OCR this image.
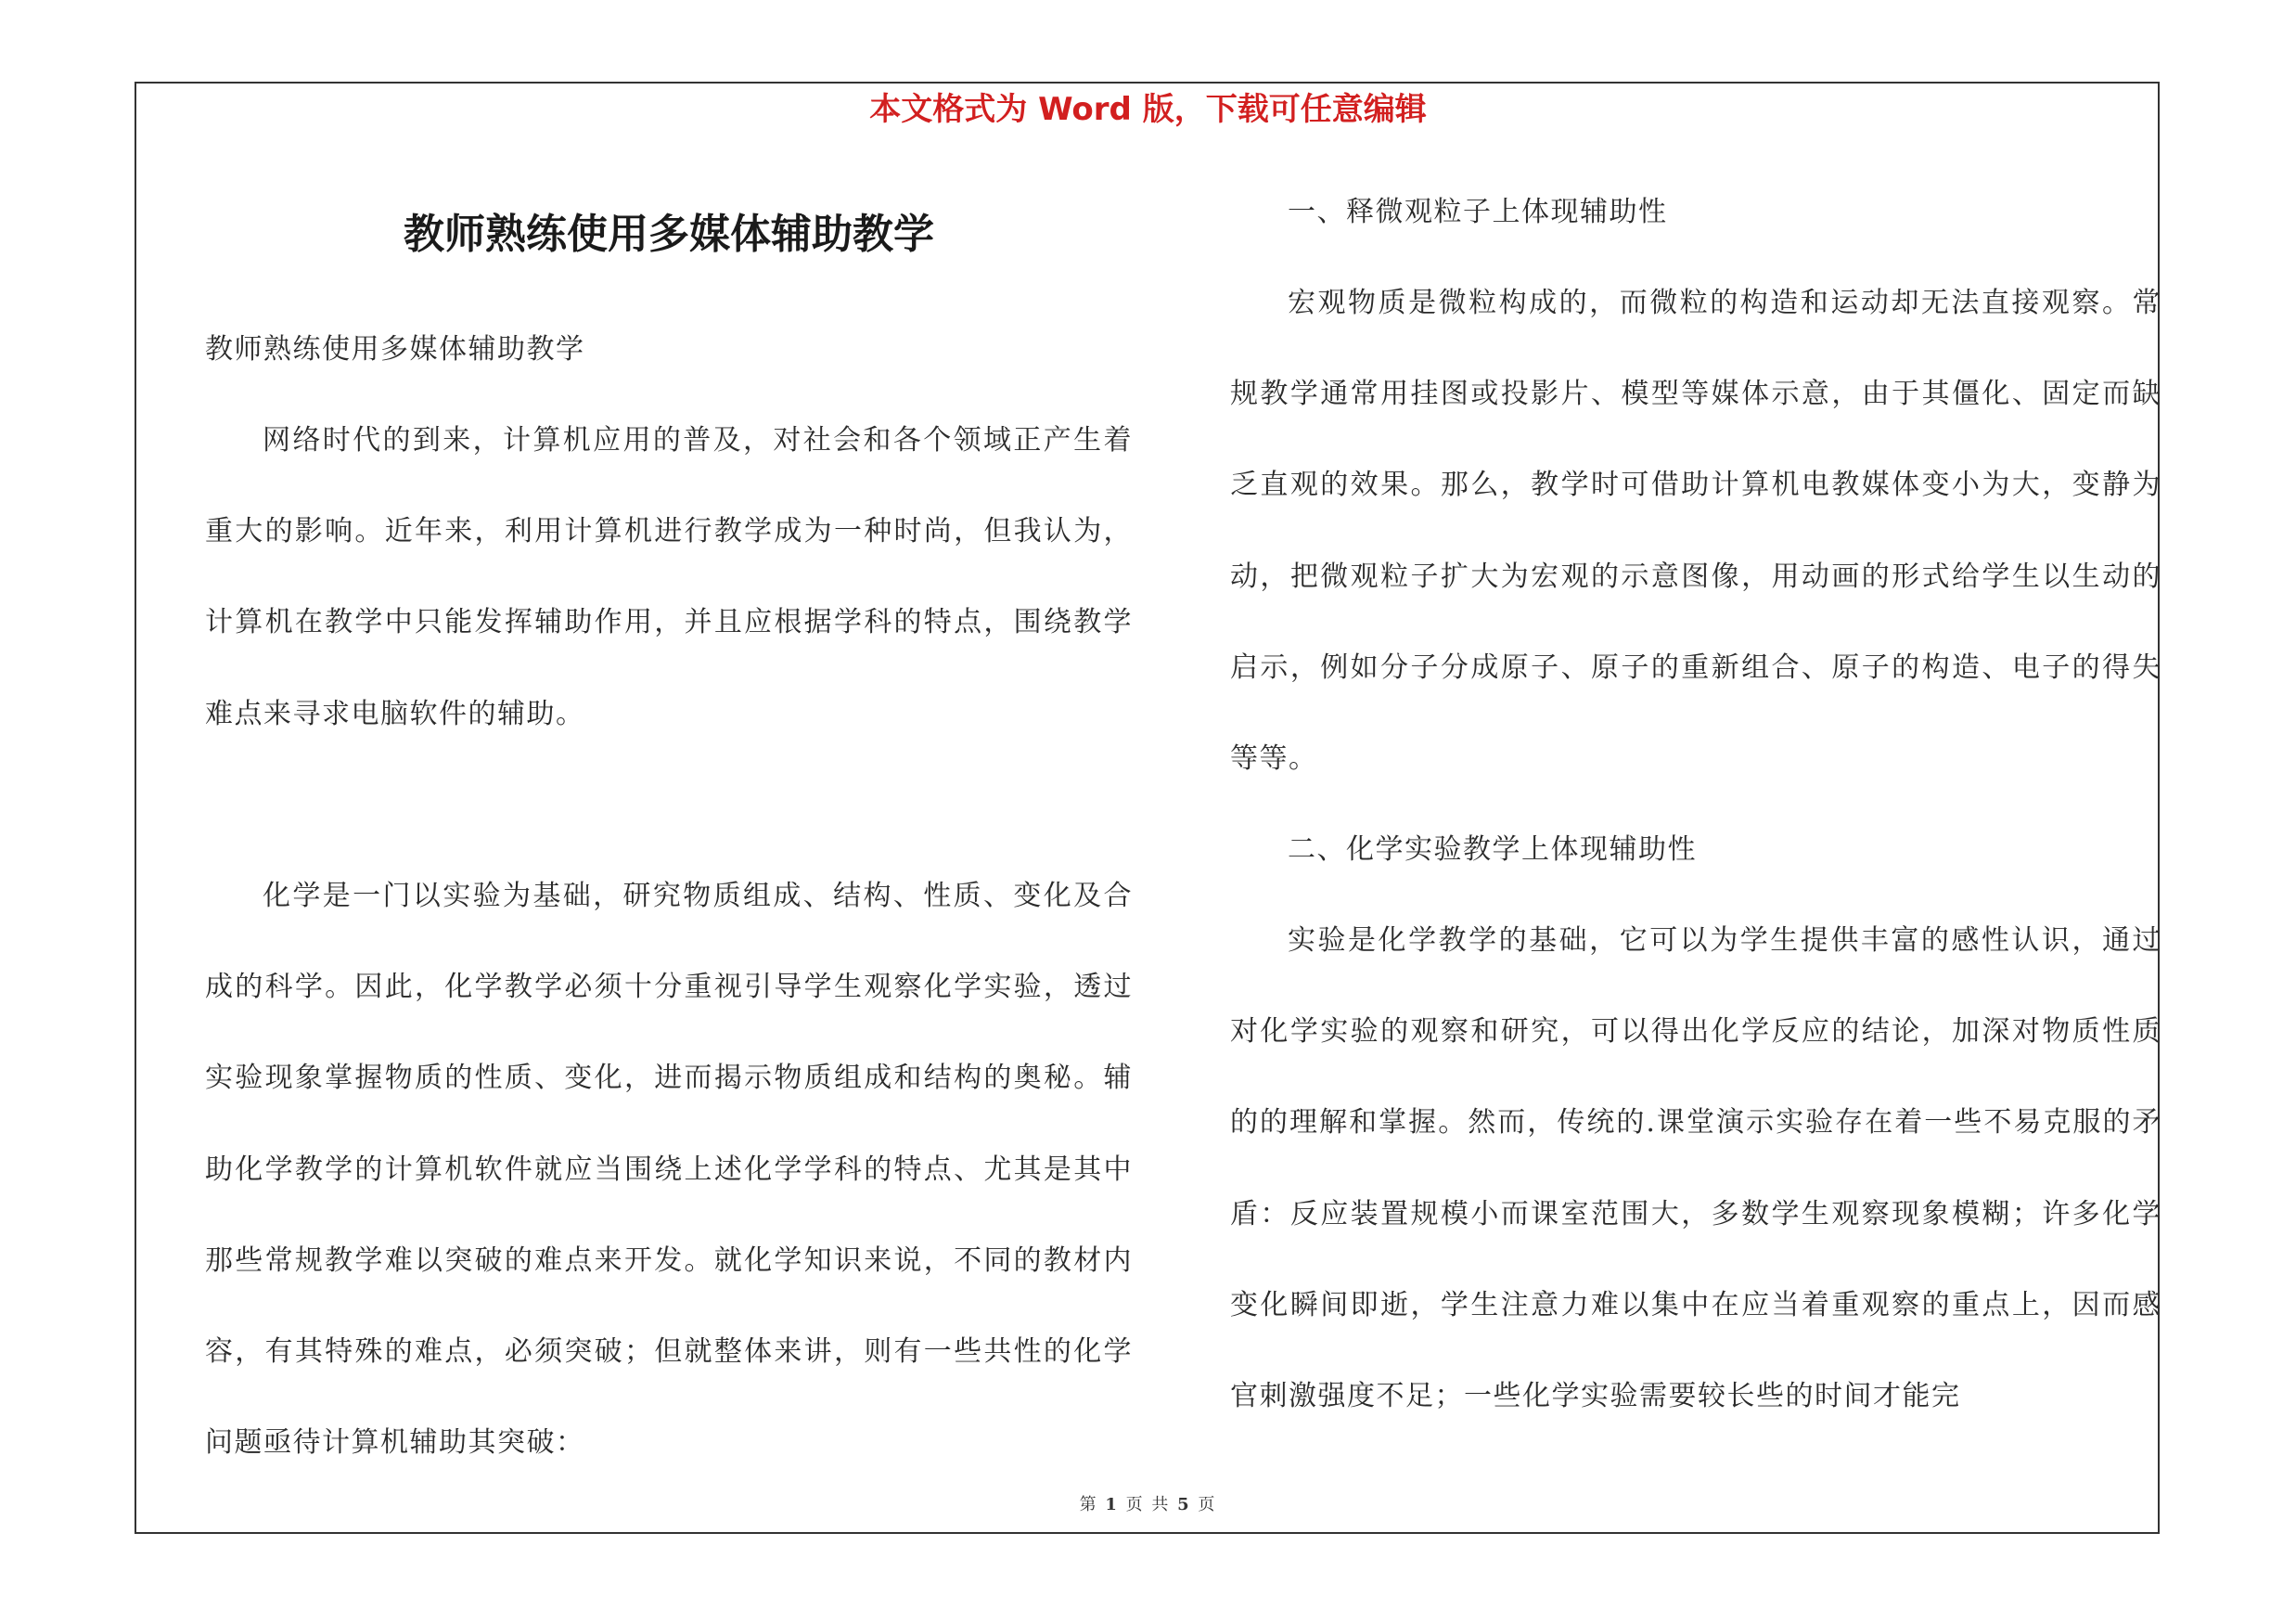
本文格式为 Word 版，下载可任意编辑
教师熟练使用多媒体辅助教学

教师熟练使用多媒体辅助教学

网络时代的到来，计算机应用的普及，对社会和各个领域正产生着重大的影响。近年来，利用计算机进行教学成为一种时尚，但我认为，计算机在教学中只能发挥辅助作用，并且应根据学科的特点，围绕教学难点来寻求电脑软件的辅助。

化学是一门以实验为基础，研究物质组成、结构、性质、变化及合成的科学。因此，化学教学必须十分重视引导学生观察化学实验，透过实验现象掌握物质的性质、变化，进而揭示物质组成和结构的奥秘。辅助化学教学的计算机软件就应当围绕上述化学学科的特点、尤其是其中那些常规教学难以突破的难点来开发。就化学知识来说，不同的教材内容，有其特殊的难点，必须突破；但就整体来讲，则有一些共性的化学问题亟待计算机辅助其突破：

一、释微观粒子上体现辅助性

宏观物质是微粒构成的，而微粒的构造和运动却无法直接观察。常规教学通常用挂图或投影片、模型等媒体示意，由于其僵化、固定而缺乏直观的效果。那么，教学时可借助计算机电教媒体变小为大，变静为动，把微观粒子扩大为宏观的示意图像，用动画的形式给学生以生动的启示，例如分子分成原子、原子的重新组合、原子的构造、电子的得失等等。

二、化学实验教学上体现辅助性

实验是化学教学的基础，它可以为学生提供丰富的感性认识，通过对化学实验的观察和研究，可以得出化学反应的结论，加深对物质性质的的理解和掌握。然而，传统的.课堂演示实验存在着一些不易克服的矛盾：反应装置规模小而课室范围大，多数学生观察现象模糊；许多化学变化瞬间即逝，学生注意力难以集中在应当着重观察的重点上，因而感官刺激强度不足；一些化学实验需要较长些的时间才能完

第 1 页 共 5 页
